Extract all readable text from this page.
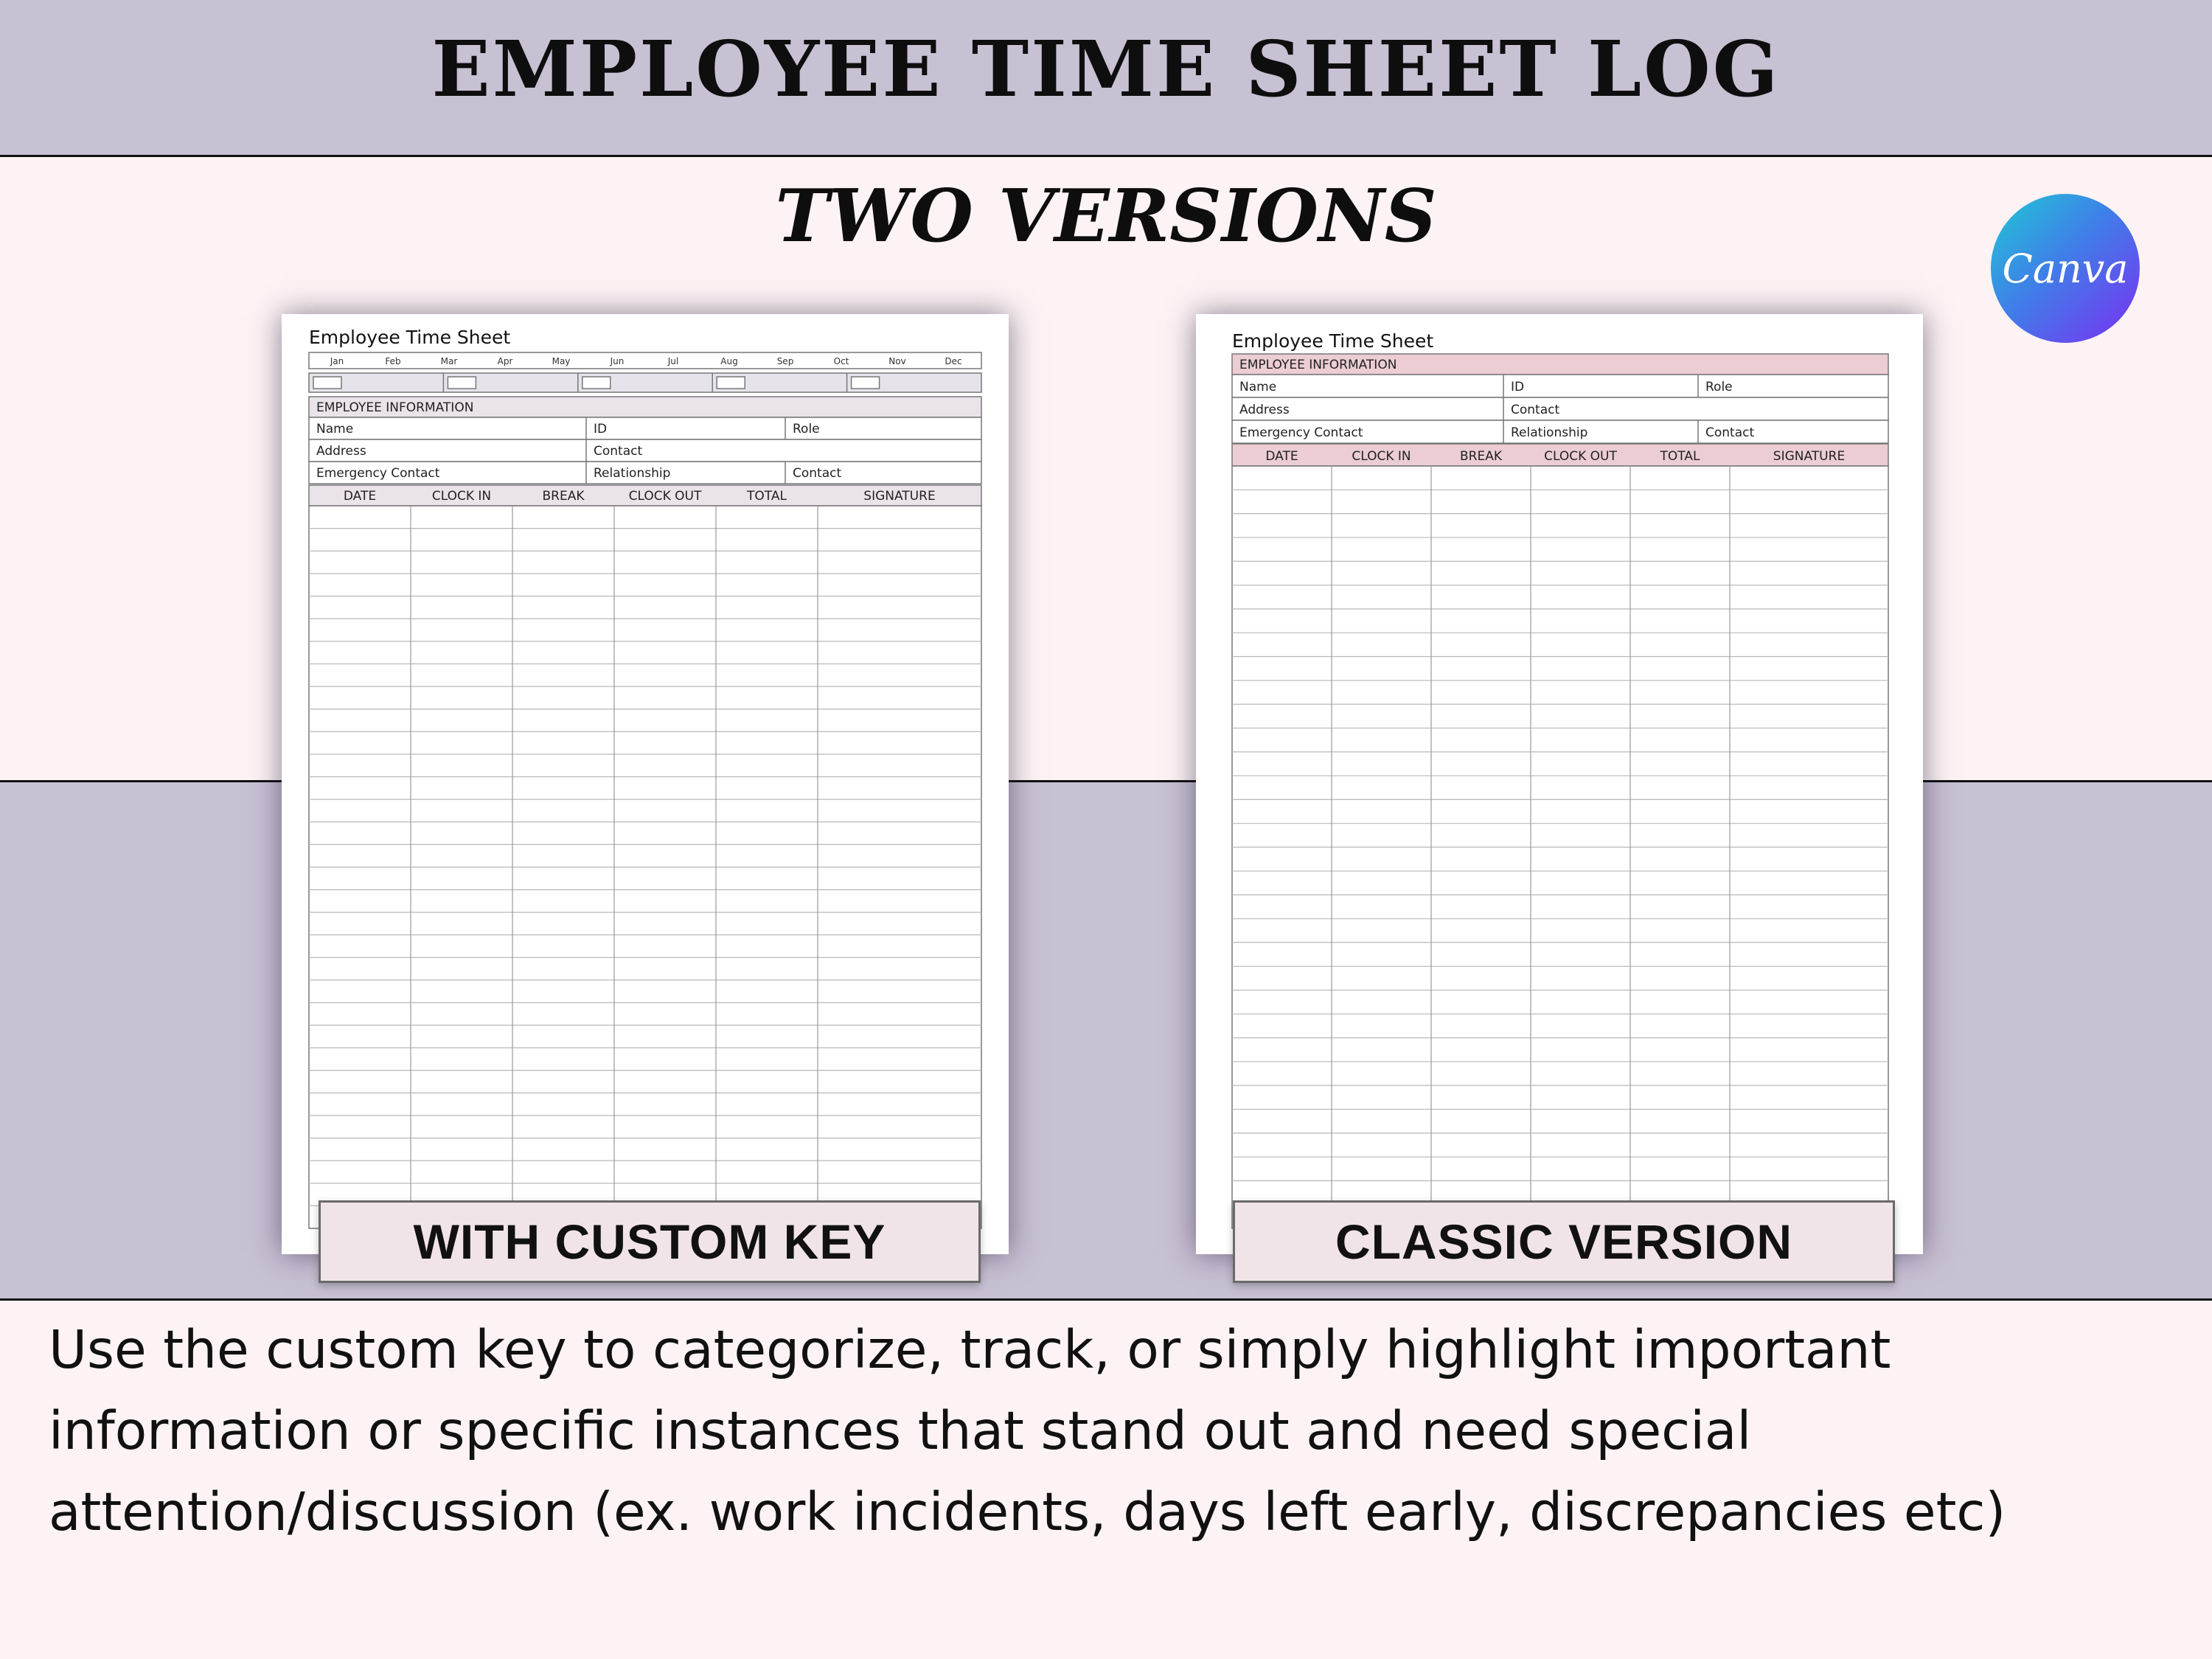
EMPLOYEE TIME SHEET LOG
TWO VERSIONS
Canva
Employee Time Sheet
Jan	Feb	Mar	Apr	May	Jun	Jul	Aug	Sep	Oct	Nov	Dec
EMPLOYEE INFORMATION
Name	ID	Role
Address	Contact
Emergency Contact	Relationship	Contact
DATE	CLOCK IN	BREAK	CLOCK OUT	TOTAL	SIGNATURE
WITH CUSTOM KEY
Employee Time Sheet
EMPLOYEE INFORMATION
Name	ID	Role
Address	Contact
Emergency Contact	Relationship	Contact
DATE	CLOCK IN	BREAK	CLOCK OUT	TOTAL	SIGNATURE
CLASSIC VERSION

Use the custom key to categorize, track, or simply highlight important information or specific instances that stand out and need special attention/discussion (ex. work incidents, days left early, discrepancies etc)
